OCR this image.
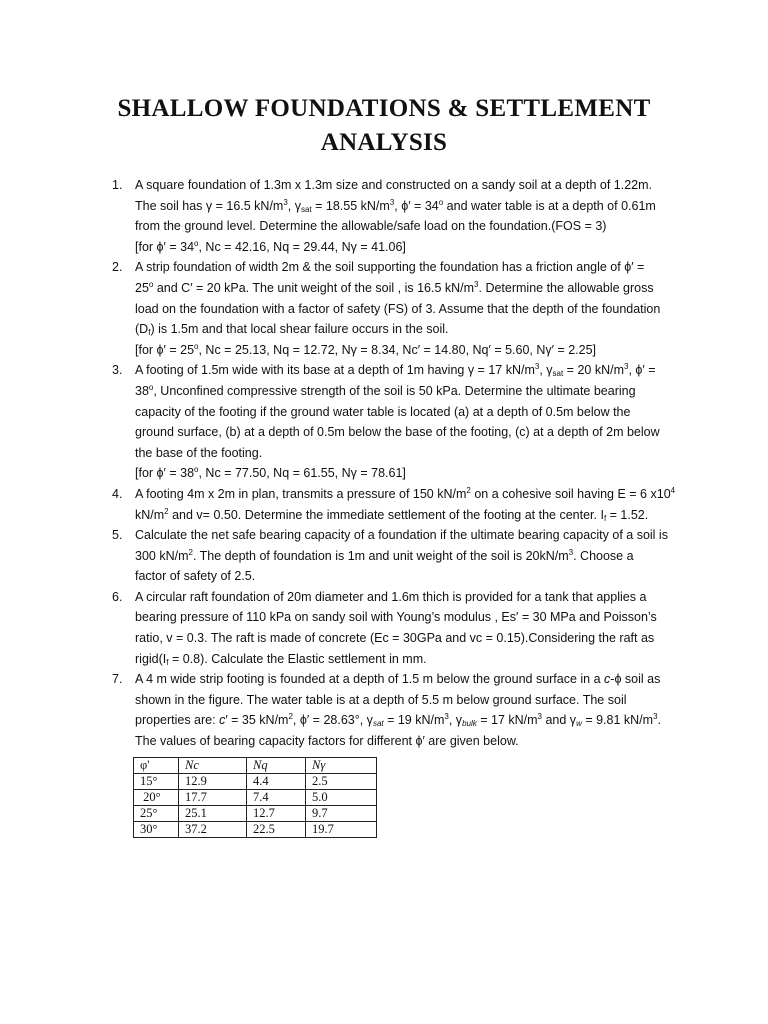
SHALLOW FOUNDATIONS & SETTLEMENT
ANALYSIS
1. A square foundation of 1.3m x 1.3m size and constructed on a sandy soil at a depth of 1.22m.
The soil has γ = 16.5 $kN/m^3$, $\gamma_{sat} = 18.55$ $kN/m^3$, $\phi' = 34^o$ and water table is at a depth of 0.61m
from the ground level. Determine the allowable/safe load on the foundation.(FOS = 3)
[for $\phi' = 34^o$, Nc = 42.16, Nq = 29.44, Nγ = 41.06]
2. A strip foundation of width 2m & the soil supporting the foundation has a friction angle of ϕ′ =
$25^o$ and C′ = 20 kPa. The unit weight of the soil , is 16.5 $kN/m^3$. Determine the allowable gross
load on the foundation with a factor of safety (FS) of 3. Assume that the depth of the foundation
$(D_f)$ is 1.5m and that local shear failure occurs in the soil.
[for $\phi' = 25^o$, Nc = 25.13, Nq = 12.72, Nγ = 8.34, Nc′ = 14.80, Nq′ = 5.60, Nγ′ = 2.25]
3. A footing of 1.5m wide with its base at a depth of 1m having γ = 17 $kN/m^3$, $\gamma_{sat} = 20$ $kN/m^3$, ϕ′ =
$38^o$, Unconfined compressive strength of the soil is 50 kPa. Determine the ultimate bearing
capacity of the footing if the ground water table is located (a) at a depth of 0.5m below the
ground surface, (b) at a depth of 0.5m below the base of the footing, (c) at a depth of 2m below
the base of the footing.
[for $\phi' = 38^o$, Nc = 77.50, Nq = 61.55, Nγ = 78.61]
4. A footing 4m x 2m in plan, transmits a pressure of 150 $kN/m^2$ on a cohesive soil having E = 6 $x10^4$
$kN/m^2$ and v= 0.50. Determine the immediate settlement of the footing at the center. $I_f = 1.52$.
5. Calculate the net safe bearing capacity of a foundation if the ultimate bearing capacity of a soil is
300 $kN/m^2$. The depth of foundation is 1m and unit weight of the soil is $20kN/m^3$. Choose a
factor of safety of 2.5.
6. A circular raft foundation of 20m diameter and 1.6m thich is provided for a tank that applies a
bearing pressure of 110 kPa on sandy soil with Young’s modulus , Es′ = 30 MPa and Poisson’s
ratio, v = 0.3. The raft is made of concrete (Ec = 30GPa and vc = 0.15).Considering the raft as
$rigid(I_f = 0.8)$. Calculate the Elastic settlement in mm.
7. A 4 m wide strip footing is founded at a depth of 1.5 m below the ground surface in a c-ϕ soil as
shown in the figure. The water table is at a depth of 5.5 m below ground surface. The soil
properties are: c′ = 35 $kN/m^2$, ϕ′ = 28.63°, $\gamma_{sat} = 19$ $kN/m^3$, $\gamma_{bulk} = 17$ $kN/m^3$ and $\gamma_w = 9.81$ $kN/m^3$.
The values of bearing capacity factors for different ϕ′ are given below.
φ'	Nc	Nq	Nγ
15°	12.9	4.4	2.5
20°	17.7	7.4	5.0
25°	25.1	12.7	9.7
30°	37.2	22.5	19.7
